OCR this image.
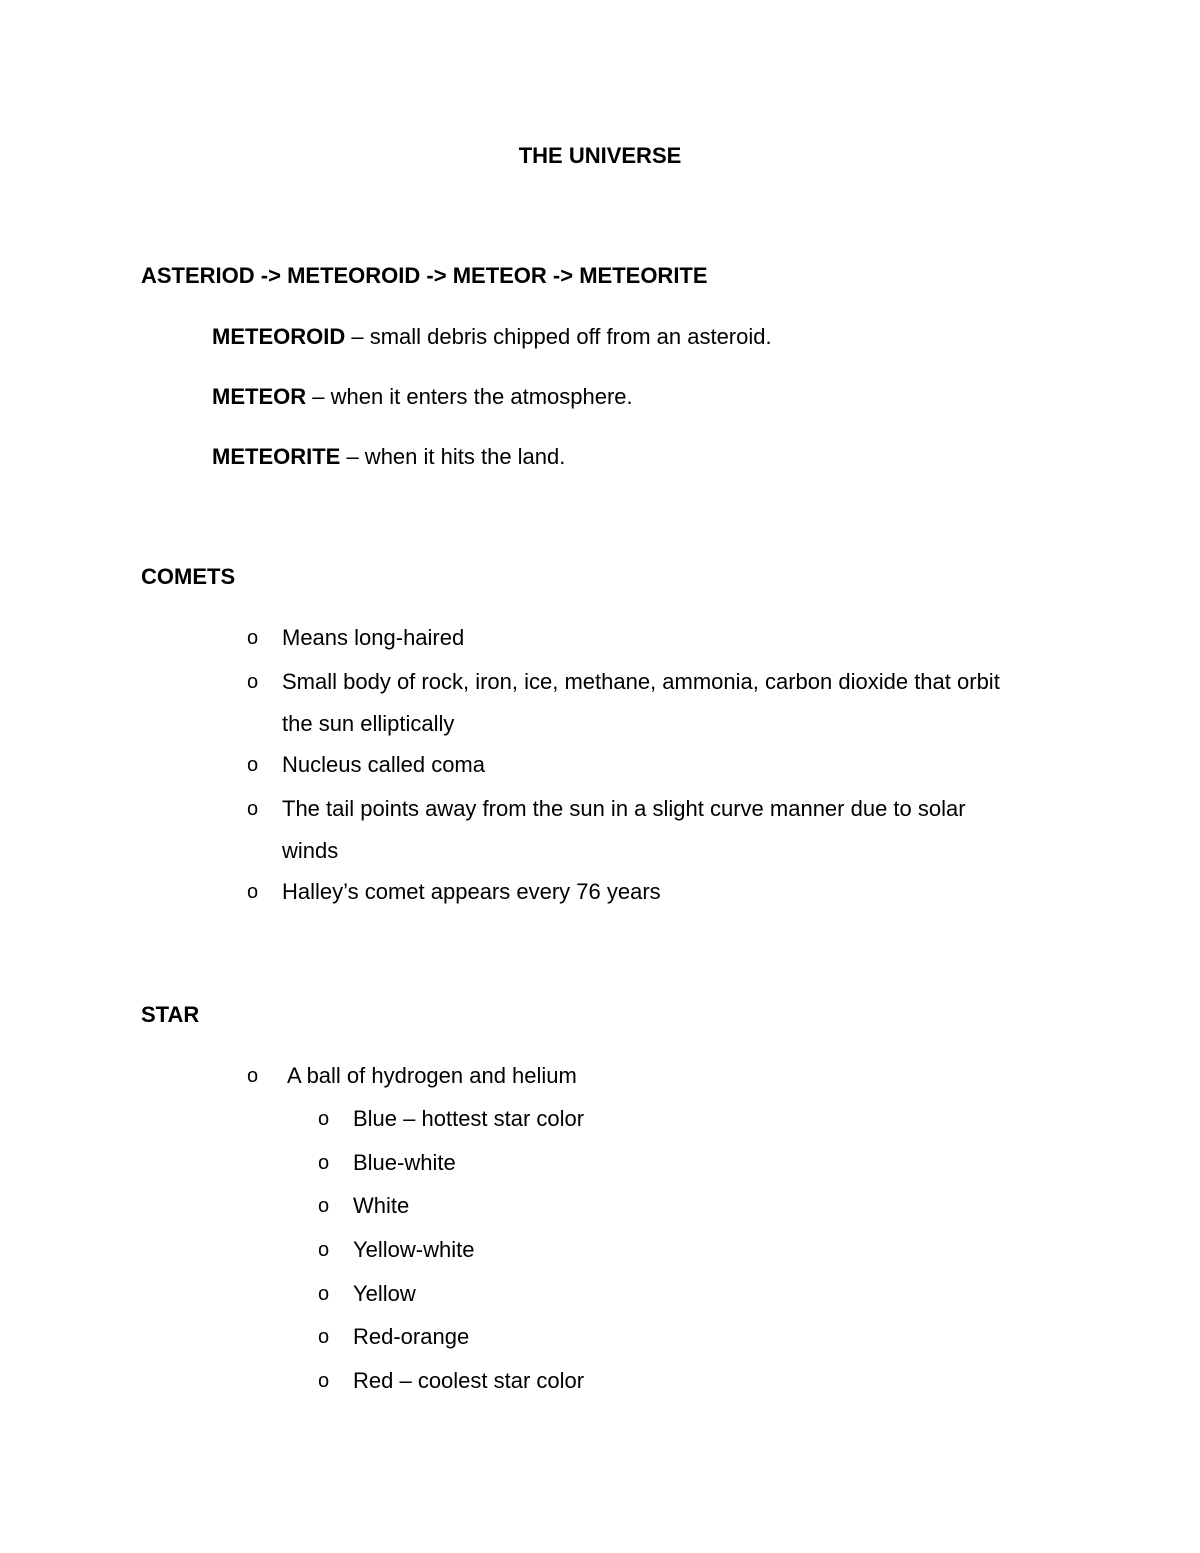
THE UNIVERSE
ASTERIOD -> METEOROID -> METEOR -> METEORITE
METEOROID – small debris chipped off from an asteroid.
METEOR – when it enters the atmosphere.
METEORITE – when it hits the land.
COMETS
o Means long-haired
o Small body of rock, iron, ice, methane, ammonia, carbon dioxide that orbit
the sun elliptically
o Nucleus called coma
o The tail points away from the sun in a slight curve manner due to solar
winds
o Halley’s comet appears every 76 years
STAR
o A ball of hydrogen and helium
o Blue – hottest star color
o Blue-white
o White
o Yellow-white
o Yellow
o Red-orange
o Red – coolest star color
